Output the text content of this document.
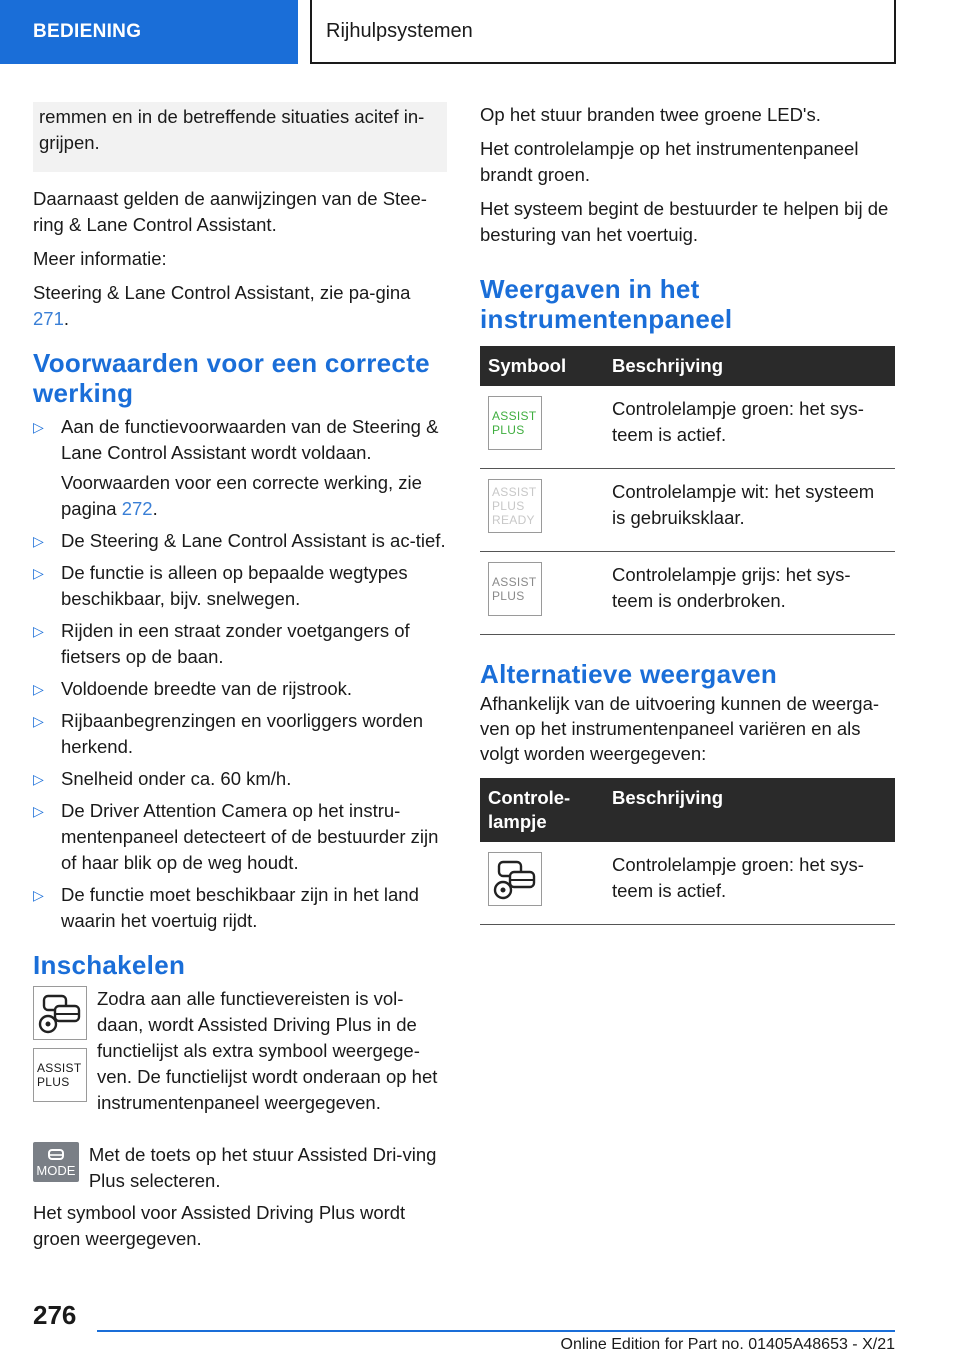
BEDIENING	Rijhulpsystemen
remmen en in de betreffende situaties acitef in-grijpen.

Daarnaast gelden de aanwijzingen van de Stee-ring & Lane Control Assistant.

Meer informatie:

Steering & Lane Control Assistant, zie pa-gina 271.

Voorwaarden voor een correcte werking
▷ Aan de functievoorwaarden van de Steering & Lane Control Assistant wordt voldaan.

Voorwaarden voor een correcte werking, zie pagina 272.

▷ De Steering & Lane Control Assistant is ac-tief.
▷ De functie is alleen op bepaalde wegtypes beschikbaar, bijv. snelwegen.
▷ Rijden in een straat zonder voetgangers of fietsers op de baan.
▷ Voldoende breedte van de rijstrook.
▷ Rijbaanbegrenzingen en voorliggers worden herkend.
▷ Snelheid onder ca. 60 km/h.
▷ De Driver Attention Camera op het instru-mentenpaneel detecteert of de bestuurder zijn of haar blik op de weg houdt.
▷ De functie moet beschikbaar zijn in het land waarin het voertuig rijdt.
Inschakelen
ASSIST
PLUS
Zodra aan alle functievereisten is vol-daan, wordt Assisted Driving Plus in de functielijst als extra symbool weergege-ven. De functielijst wordt onderaan op het instrumentenpaneel weergegeven.
MODE
Met de toets op het stuur Assisted Dri-ving Plus selecteren.

Het symbool voor Assisted Driving Plus wordt groen weergegeven.

Op het stuur branden twee groene LED's.

Het controlelampje op het instrumentenpaneel brandt groen.

Het systeem begint de bestuurder te helpen bij de besturing van het voertuig.

Weergaven in het instrumentenpaneel
Symbool	Beschrijving

ASSIST
PLUS	Controlelampje groen: het sys-teem is actief.

ASSIST
PLUS
READY	Controlelampje wit: het systeem is gebruiksklaar.

ASSIST
PLUS	Controlelampje grijs: het sys-teem is onderbroken.
Alternatieve weergaven

Afhankelijk van de uitvoering kunnen de weerga-ven op het instrumentenpaneel variëren en als volgt worden weergegeven:

Controle-lampje	Beschrijving

	Controlelampje groen: het sys-teem is actief.
276
Online Edition for Part no. 01405A48653 - X/21
